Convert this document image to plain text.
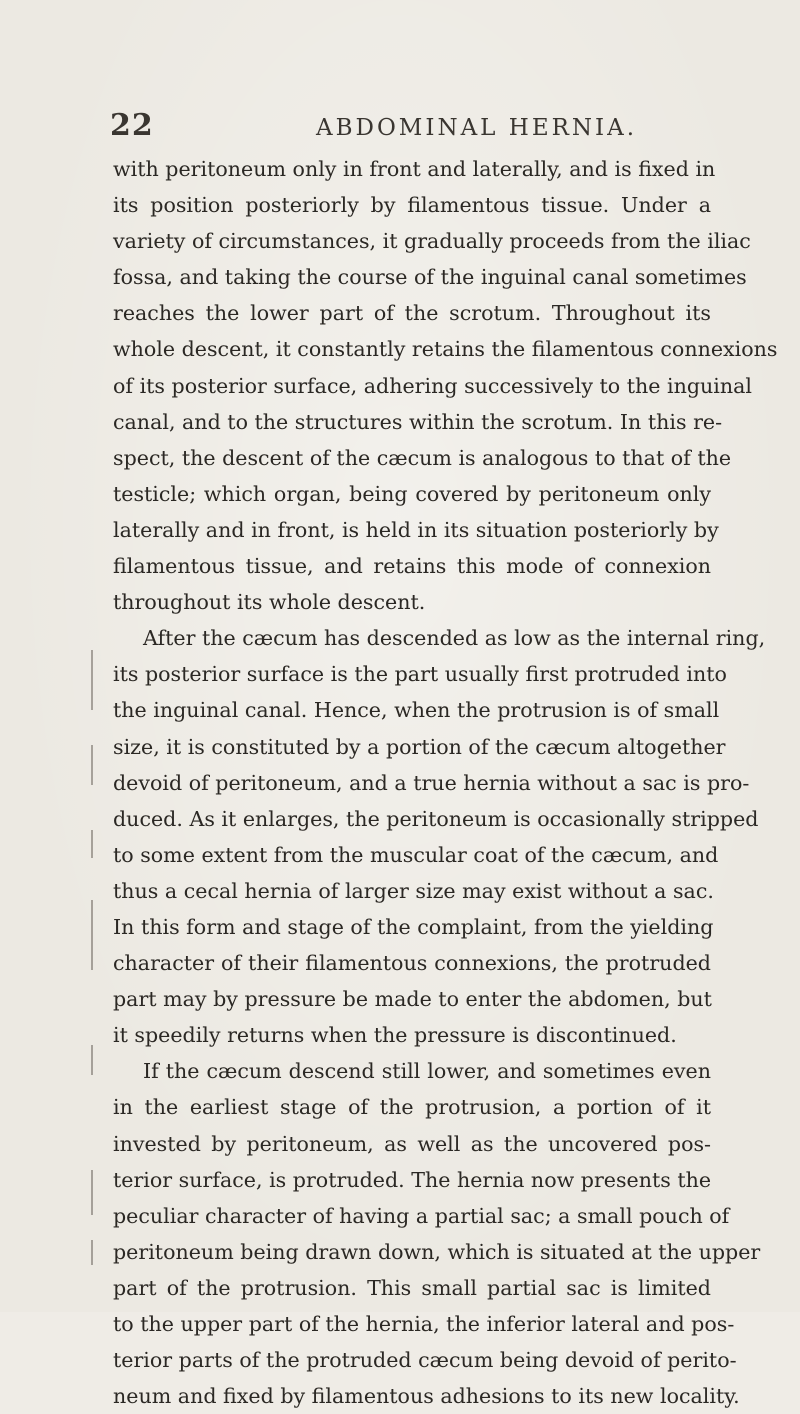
22	ABDOMINAL HERNIA.
with peritoneum only in front and laterally, and is fixed in
its position posteriorly by filamentous tissue. Under a
variety of circumstances, it gradually proceeds from the iliac
fossa, and taking the course of the inguinal canal sometimes
reaches the lower part of the scrotum. Throughout its
whole descent, it constantly retains the filamentous connexions
of its posterior surface, adhering successively to the inguinal
canal, and to the structures within the scrotum. In this re-
spect, the descent of the cæcum is analogous to that of the
testicle; which organ, being covered by peritoneum only
laterally and in front, is held in its situation posteriorly by
filamentous tissue, and retains this mode of connexion
throughout its whole descent.
After the cæcum has descended as low as the internal ring,
its posterior surface is the part usually first protruded into
the inguinal canal. Hence, when the protrusion is of small
size, it is constituted by a portion of the cæcum altogether
devoid of peritoneum, and a true hernia without a sac is pro-
duced. As it enlarges, the peritoneum is occasionally stripped
to some extent from the muscular coat of the cæcum, and
thus a cecal hernia of larger size may exist without a sac.
In this form and stage of the complaint, from the yielding
character of their filamentous connexions, the protruded
part may by pressure be made to enter the abdomen, but
it speedily returns when the pressure is discontinued.
If the cæcum descend still lower, and sometimes even
in the earliest stage of the protrusion, a portion of it
invested by peritoneum, as well as the uncovered pos-
terior surface, is protruded. The hernia now presents the
peculiar character of having a partial sac; a small pouch of
peritoneum being drawn down, which is situated at the upper
part of the protrusion. This small partial sac is limited
to the upper part of the hernia, the inferior lateral and pos-
terior parts of the protruded cæcum being devoid of perito-
neum and fixed by filamentous adhesions to its new locality.
